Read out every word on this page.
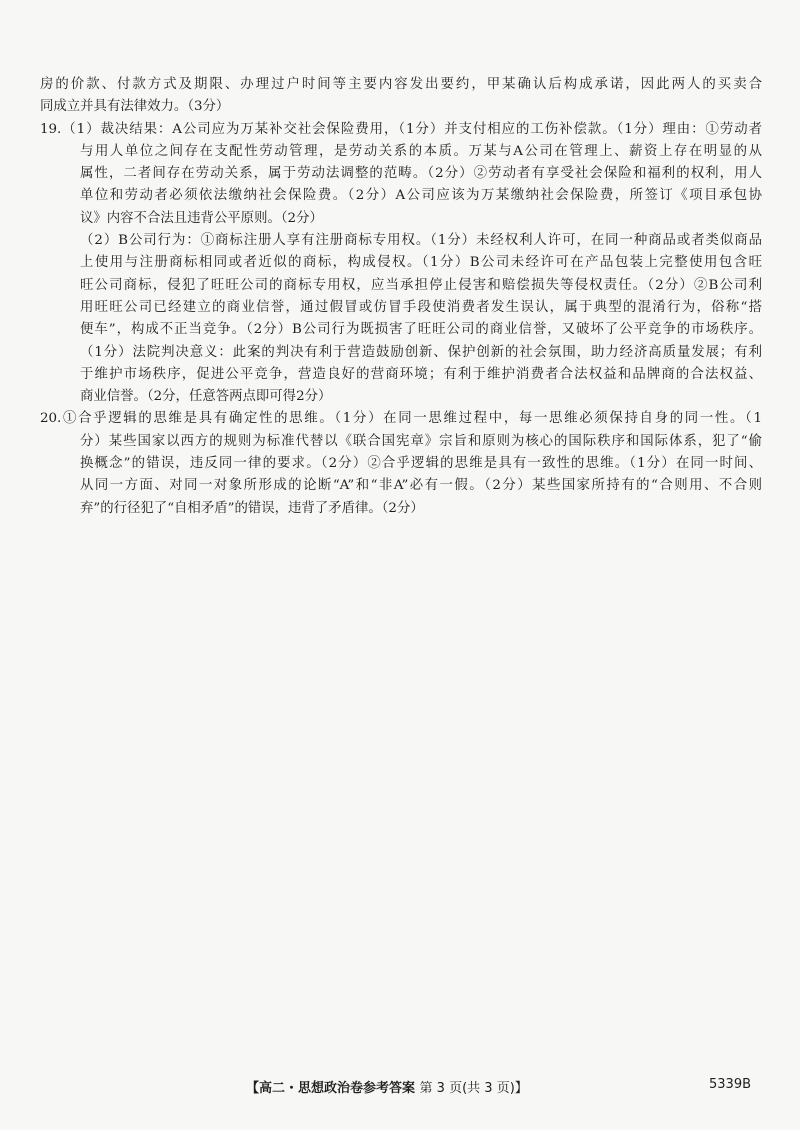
房的价款、付款方式及期限、办理过户时间等主要内容发出要约，甲某确认后构成承诺，因此两人的买卖合
同成立并具有法律效力。（3分）
19.（1）裁决结果：A公司应为万某补交社会保险费用，（1分）并支付相应的工伤补偿款。（1分）理由：①劳动者
与用人单位之间存在支配性劳动管理，是劳动关系的本质。万某与A公司在管理上、薪资上存在明显的从
属性，二者间存在劳动关系，属于劳动法调整的范畴。（2分）②劳动者有享受社会保险和福利的权利，用人
单位和劳动者必须依法缴纳社会保险费。（2分）A公司应该为万某缴纳社会保险费，所签订《项目承包协
议》内容不合法且违背公平原则。（2分）
（2）B公司行为：①商标注册人享有注册商标专用权。（1分）未经权利人许可，在同一种商品或者类似商品
上使用与注册商标相同或者近似的商标，构成侵权。（1分）B公司未经许可在产品包装上完整使用包含旺
旺公司商标，侵犯了旺旺公司的商标专用权，应当承担停止侵害和赔偿损失等侵权责任。（2分）②B公司利
用旺旺公司已经建立的商业信誉，通过假冒或仿冒手段使消费者发生误认，属于典型的混淆行为，俗称“搭
便车”，构成不正当竞争。（2分）B公司行为既损害了旺旺公司的商业信誉，又破坏了公平竞争的市场秩序。
（1分）法院判决意义：此案的判决有利于营造鼓励创新、保护创新的社会氛围，助力经济高质量发展；有利
于维护市场秩序，促进公平竞争，营造良好的营商环境；有利于维护消费者合法权益和品牌商的合法权益、
商业信誉。（2分，任意答两点即可得2分）
20.①合乎逻辑的思维是具有确定性的思维。（1分）在同一思维过程中，每一思维必须保持自身的同一性。（1
分）某些国家以西方的规则为标准代替以《联合国宪章》宗旨和原则为核心的国际秩序和国际体系，犯了“偷
换概念”的错误，违反同一律的要求。（2分）②合乎逻辑的思维是具有一致性的思维。（1分）在同一时间、
从同一方面、对同一对象所形成的论断“A”和“非A”必有一假。（2分）某些国家所持有的“合则用、不合则
弃”的行径犯了“自相矛盾”的错误，违背了矛盾律。（2分）
【高二・思想政治卷参考答案 第 3 页(共 3 页)】	5339B
